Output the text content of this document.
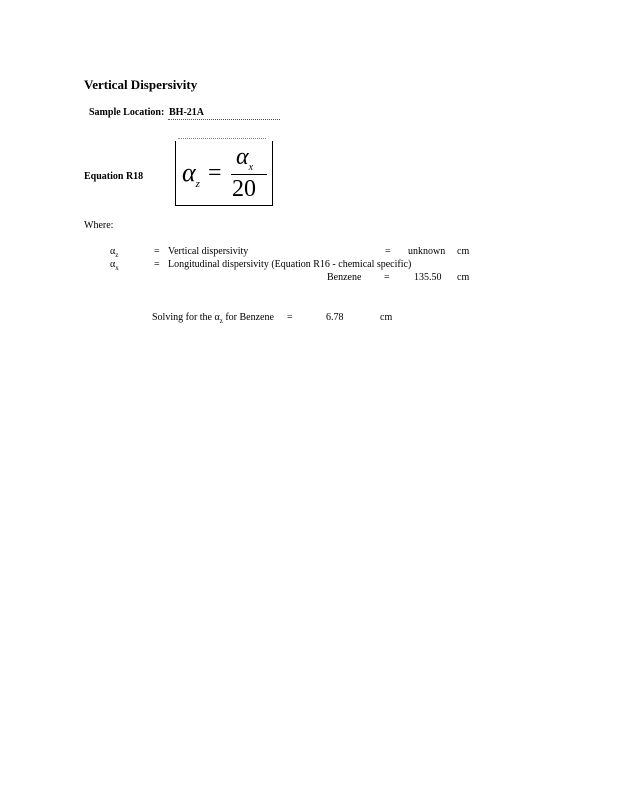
Vertical Dispersivity
Sample Location: BH-21A
Equation R18 $\alpha_z$ =
$\alpha_x$
20
Where:
$\alpha_z$	= Vertical dispersivity	= unknown cm
$\alpha_x$	= Longitudinal dispersivity (Equation R16 - chemical specific)
Benzene = 135.50 cm
Solving for the $\alpha_z$ for Benzene =	6.78	cm
